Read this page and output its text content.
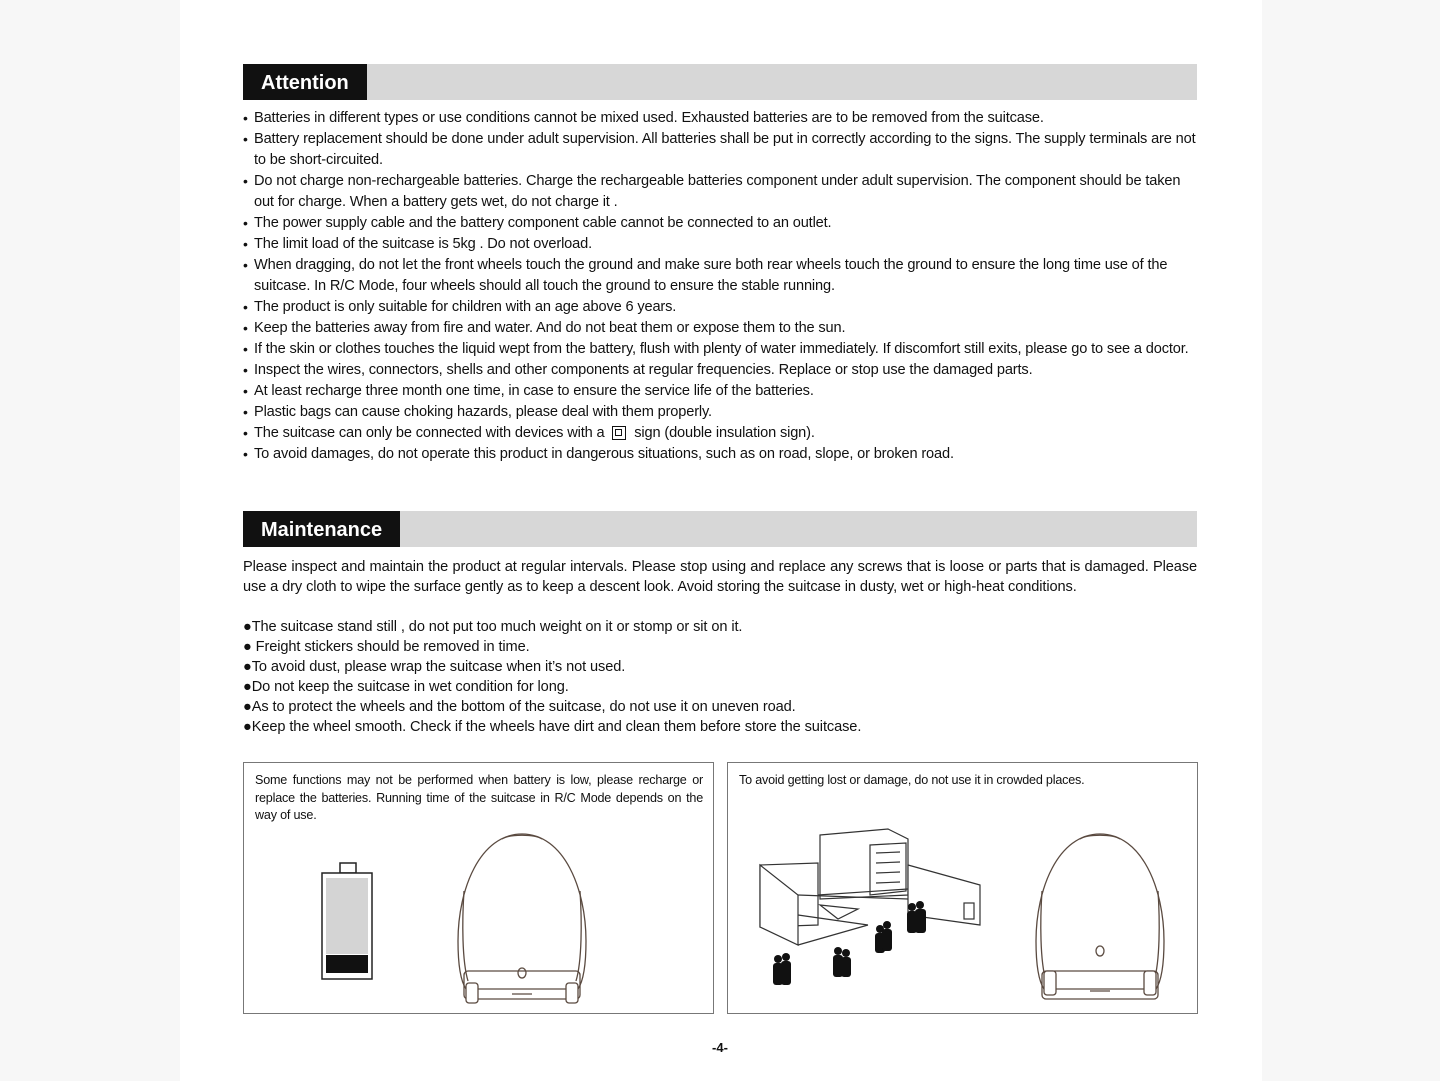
Attention
• Batteries in different types or use conditions cannot be mixed used. Exhausted batteries are to be removed from the suitcase.
• Battery replacement should be done under adult supervision. All batteries shall be put in correctly according to the signs. The supply terminals are not to be short-circuited.
• Do not charge non-rechargeable batteries. Charge the rechargeable batteries component under adult supervision. The component should be taken out for charge. When a battery gets wet, do not charge it .
• The power supply cable and the battery component cable cannot be connected to an outlet.
• The limit load of the suitcase is 5kg . Do not overload.
• When dragging, do not let the front wheels touch the ground and make sure both rear wheels touch the ground to ensure the long time use of the suitcase. In R/C Mode, four wheels should all touch the ground to ensure the stable running.
• The product is only suitable for children with an age above 6 years.
• Keep the batteries away from fire and water. And do not beat them or expose them to the sun.
• If the skin or clothes touches the liquid wept from the battery, flush with plenty of water immediately. If discomfort still exits, please go to see a doctor.
• Inspect the wires, connectors, shells and other components at regular frequencies. Replace or stop use the damaged parts.
• At least recharge three month one time, in case to ensure the service life of the batteries.
• Plastic bags can cause choking hazards, please deal with them properly.
• The suitcase can only be connected with devices with a sign (double insulation sign).
• To avoid damages, do not operate this product in dangerous situations, such as on road, slope, or broken road.
Maintenance

Please inspect and maintain the product at regular intervals. Please stop using and replace any screws that is loose or parts that is damaged. Please use a dry cloth to wipe the surface gently as to keep a descent look. Avoid storing the suitcase in dusty, wet or high-heat conditions.

●The suitcase stand still , do not put too much weight on it or stomp or sit on it.
● Freight stickers should be removed in time.
●To avoid dust, please wrap the suitcase when it’s not used.
●Do not keep the suitcase in wet condition for long.
●As to protect the wheels and the bottom of the suitcase, do not use it on uneven road.
●Keep the wheel smooth. Check if the wheels have dirt and clean them before store the suitcase.

Some functions may not be performed when battery is low, please recharge or replace the batteries. Running time of the suitcase in R/C Mode depends on the way of use.

To avoid getting lost or damage, do not use it in crowded places.

-4-
